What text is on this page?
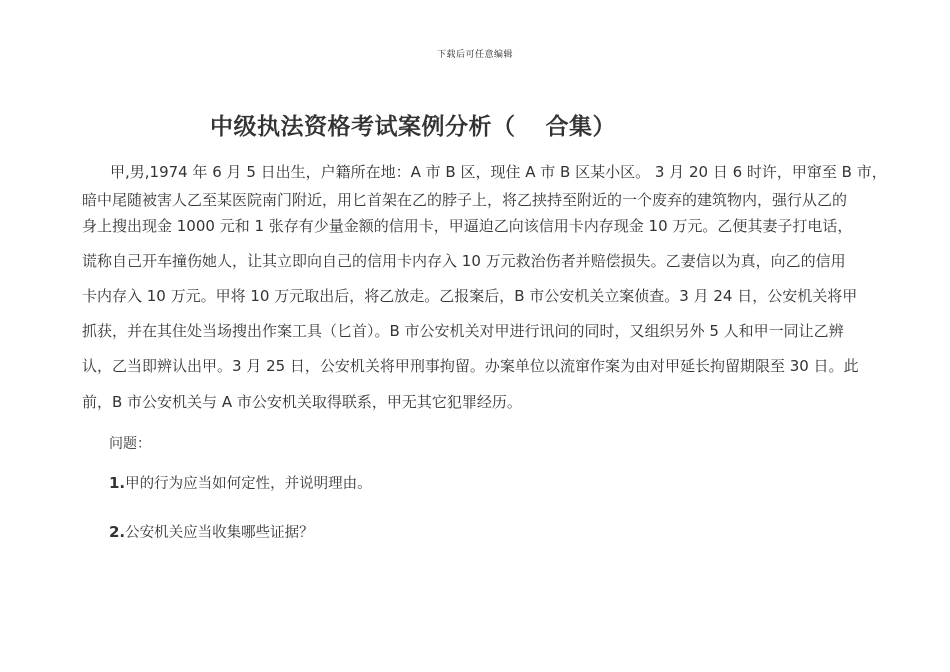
下载后可任意编辑
中级执法资格考试案例分析（ 合集）
甲,男,1974 年 6 月 5 日出生，户籍所在地：A 市 B 区，现住 A 市 B 区某小区。 3 月 20 日 6 时许，甲窜至 B 市，
暗中尾随被害人乙至某医院南门附近，用匕首架在乙的脖子上，将乙挟持至附近的一个废弃的建筑物内，强行从乙的
身上搜出现金 1000 元和 1 张存有少量金额的信用卡，甲逼迫乙向该信用卡内存现金 10 万元。乙便其妻子打电话，
谎称自己开车撞伤她人，让其立即向自己的信用卡内存入 10 万元救治伤者并赔偿损失。乙妻信以为真，向乙的信用
卡内存入 10 万元。甲将 10 万元取出后，将乙放走。乙报案后，B 市公安机关立案侦查。3 月 24 日，公安机关将甲
抓获，并在其住处当场搜出作案工具（匕首）。B 市公安机关对甲进行讯问的同时，又组织另外 5 人和甲一同让乙辨
认，乙当即辨认出甲。3 月 25 日，公安机关将甲刑事拘留。办案单位以流窜作案为由对甲延长拘留期限至 30 日。此
前，B 市公安机关与 A 市公安机关取得联系，甲无其它犯罪经历。
问题：
1.甲的行为应当如何定性，并说明理由。
2.公安机关应当收集哪些证据？
